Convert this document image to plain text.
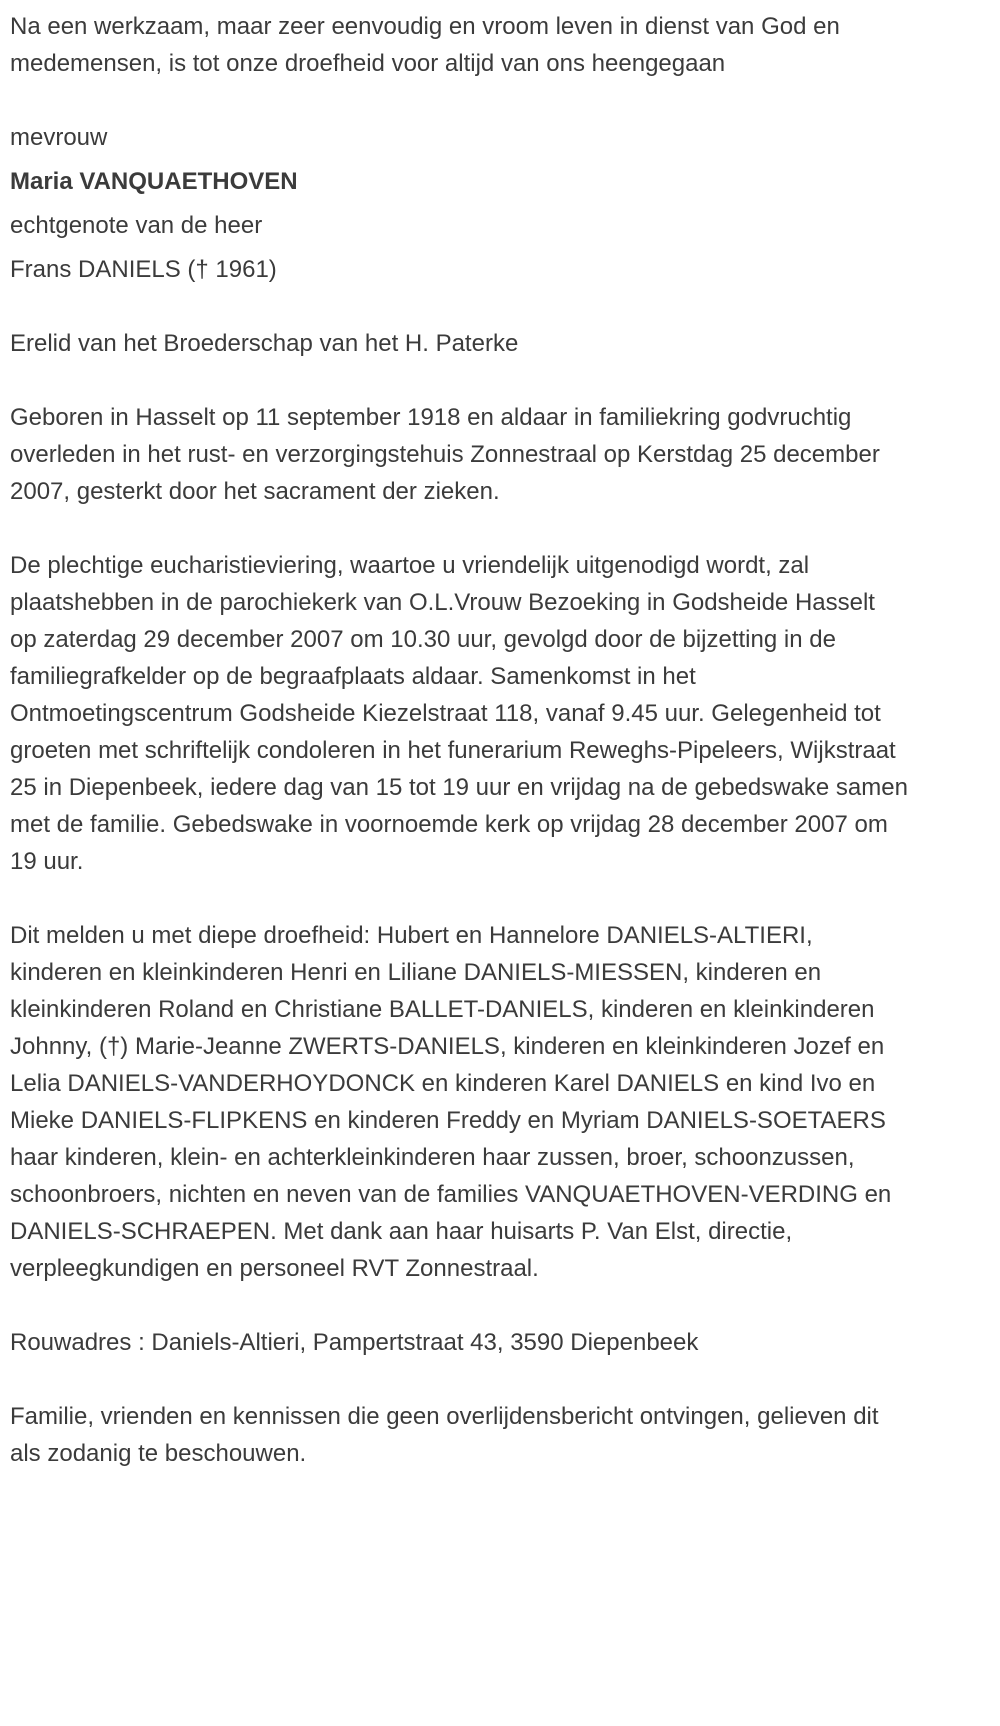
Na een werkzaam, maar zeer eenvoudig en vroom leven in dienst van God en medemensen, is tot onze droefheid voor altijd van ons heengegaan

mevrouw

Maria VANQUAETHOVEN

echtgenote van de heer

Frans DANIELS († 1961)

Erelid van het Broederschap van het H. Paterke

Geboren in Hasselt op 11 september 1918 en aldaar in familiekring godvruchtig overleden in het rust- en verzorgingstehuis Zonnestraal op Kerstdag 25 december 2007, gesterkt door het sacrament der zieken.

De plechtige eucharistieviering, waartoe u vriendelijk uitgenodigd wordt, zal plaatshebben in de parochiekerk van O.L.Vrouw Bezoeking in Godsheide Hasselt op zaterdag 29 december 2007 om 10.30 uur, gevolgd door de bijzetting in de familiegrafkelder op de begraafplaats aldaar. Samenkomst in het Ontmoetingscentrum Godsheide Kiezelstraat 118, vanaf 9.45 uur. Gelegenheid tot groeten met schriftelijk condoleren in het funerarium Reweghs-Pipeleers, Wijkstraat 25 in Diepenbeek, iedere dag van 15 tot 19 uur en vrijdag na de gebedswake samen met de familie. Gebedswake in voornoemde kerk op vrijdag 28 december 2007 om 19 uur.

Dit melden u met diepe droefheid: Hubert en Hannelore DANIELS-ALTIERI, kinderen en kleinkinderen Henri en Liliane DANIELS-MIESSEN, kinderen en kleinkinderen Roland en Christiane BALLET-DANIELS, kinderen en kleinkinderen Johnny, (†) Marie-Jeanne ZWERTS-DANIELS, kinderen en kleinkinderen Jozef en Lelia DANIELS-VANDERHOYDONCK en kinderen Karel DANIELS en kind Ivo en Mieke DANIELS-FLIPKENS en kinderen Freddy en Myriam DANIELS-SOETAERS haar kinderen, klein- en achterkleinkinderen haar zussen, broer, schoonzussen, schoonbroers, nichten en neven van de families VANQUAETHOVEN-VERDING en DANIELS-SCHRAEPEN. Met dank aan haar huisarts P. Van Elst, directie, verpleegkundigen en personeel RVT Zonnestraal.

Rouwadres : Daniels-Altieri, Pampertstraat 43, 3590 Diepenbeek

Familie, vrienden en kennissen die geen overlijdensbericht ontvingen, gelieven dit als zodanig te beschouwen.
